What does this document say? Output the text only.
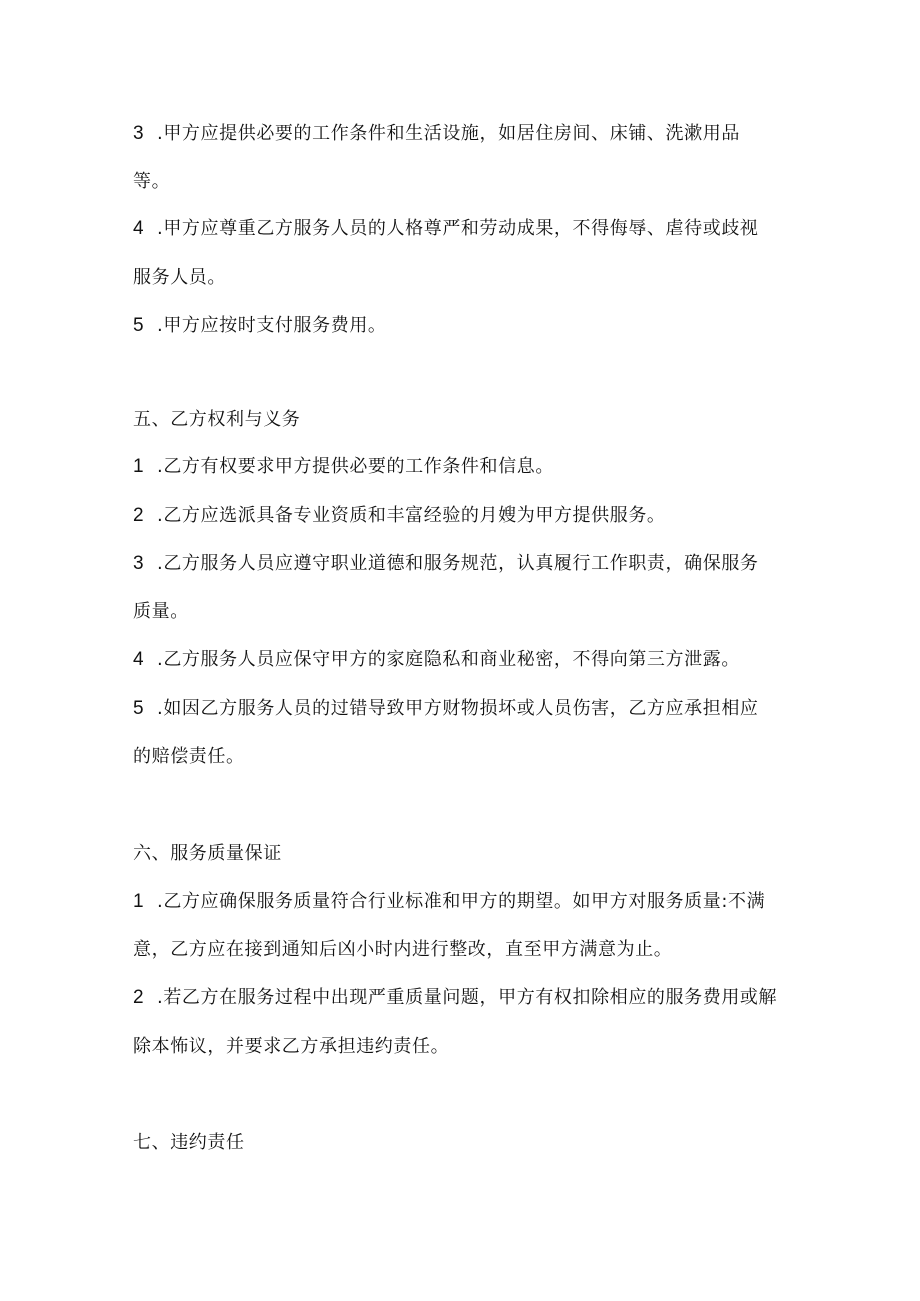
3 .甲方应提供必要的工作条件和生活设施，如居住房间、床铺、洗漱用品
等。
4 .甲方应尊重乙方服务人员的人格尊严和劳动成果，不得侮辱、虐待或歧视
服务人员。
5 .甲方应按时支付服务费用。
五、乙方权利与义务
1 .乙方有权要求甲方提供必要的工作条件和信息。
2 .乙方应选派具备专业资质和丰富经验的月嫂为甲方提供服务。
3 .乙方服务人员应遵守职业道德和服务规范，认真履行工作职责，确保服务
质量。
4 .乙方服务人员应保守甲方的家庭隐私和商业秘密，不得向第三方泄露。
5 .如因乙方服务人员的过错导致甲方财物损坏或人员伤害，乙方应承担相应
的赔偿责任。
六、服务质量保证
1 .乙方应确保服务质量符合行业标准和甲方的期望。如甲方对服务质量:不满
意，乙方应在接到通知后凶小时内进行整改，直至甲方满意为止。
2 .若乙方在服务过程中出现严重质量问题，甲方有权扣除相应的服务费用或解
除本怖议，并要求乙方承担违约责任。
七、违约责任
